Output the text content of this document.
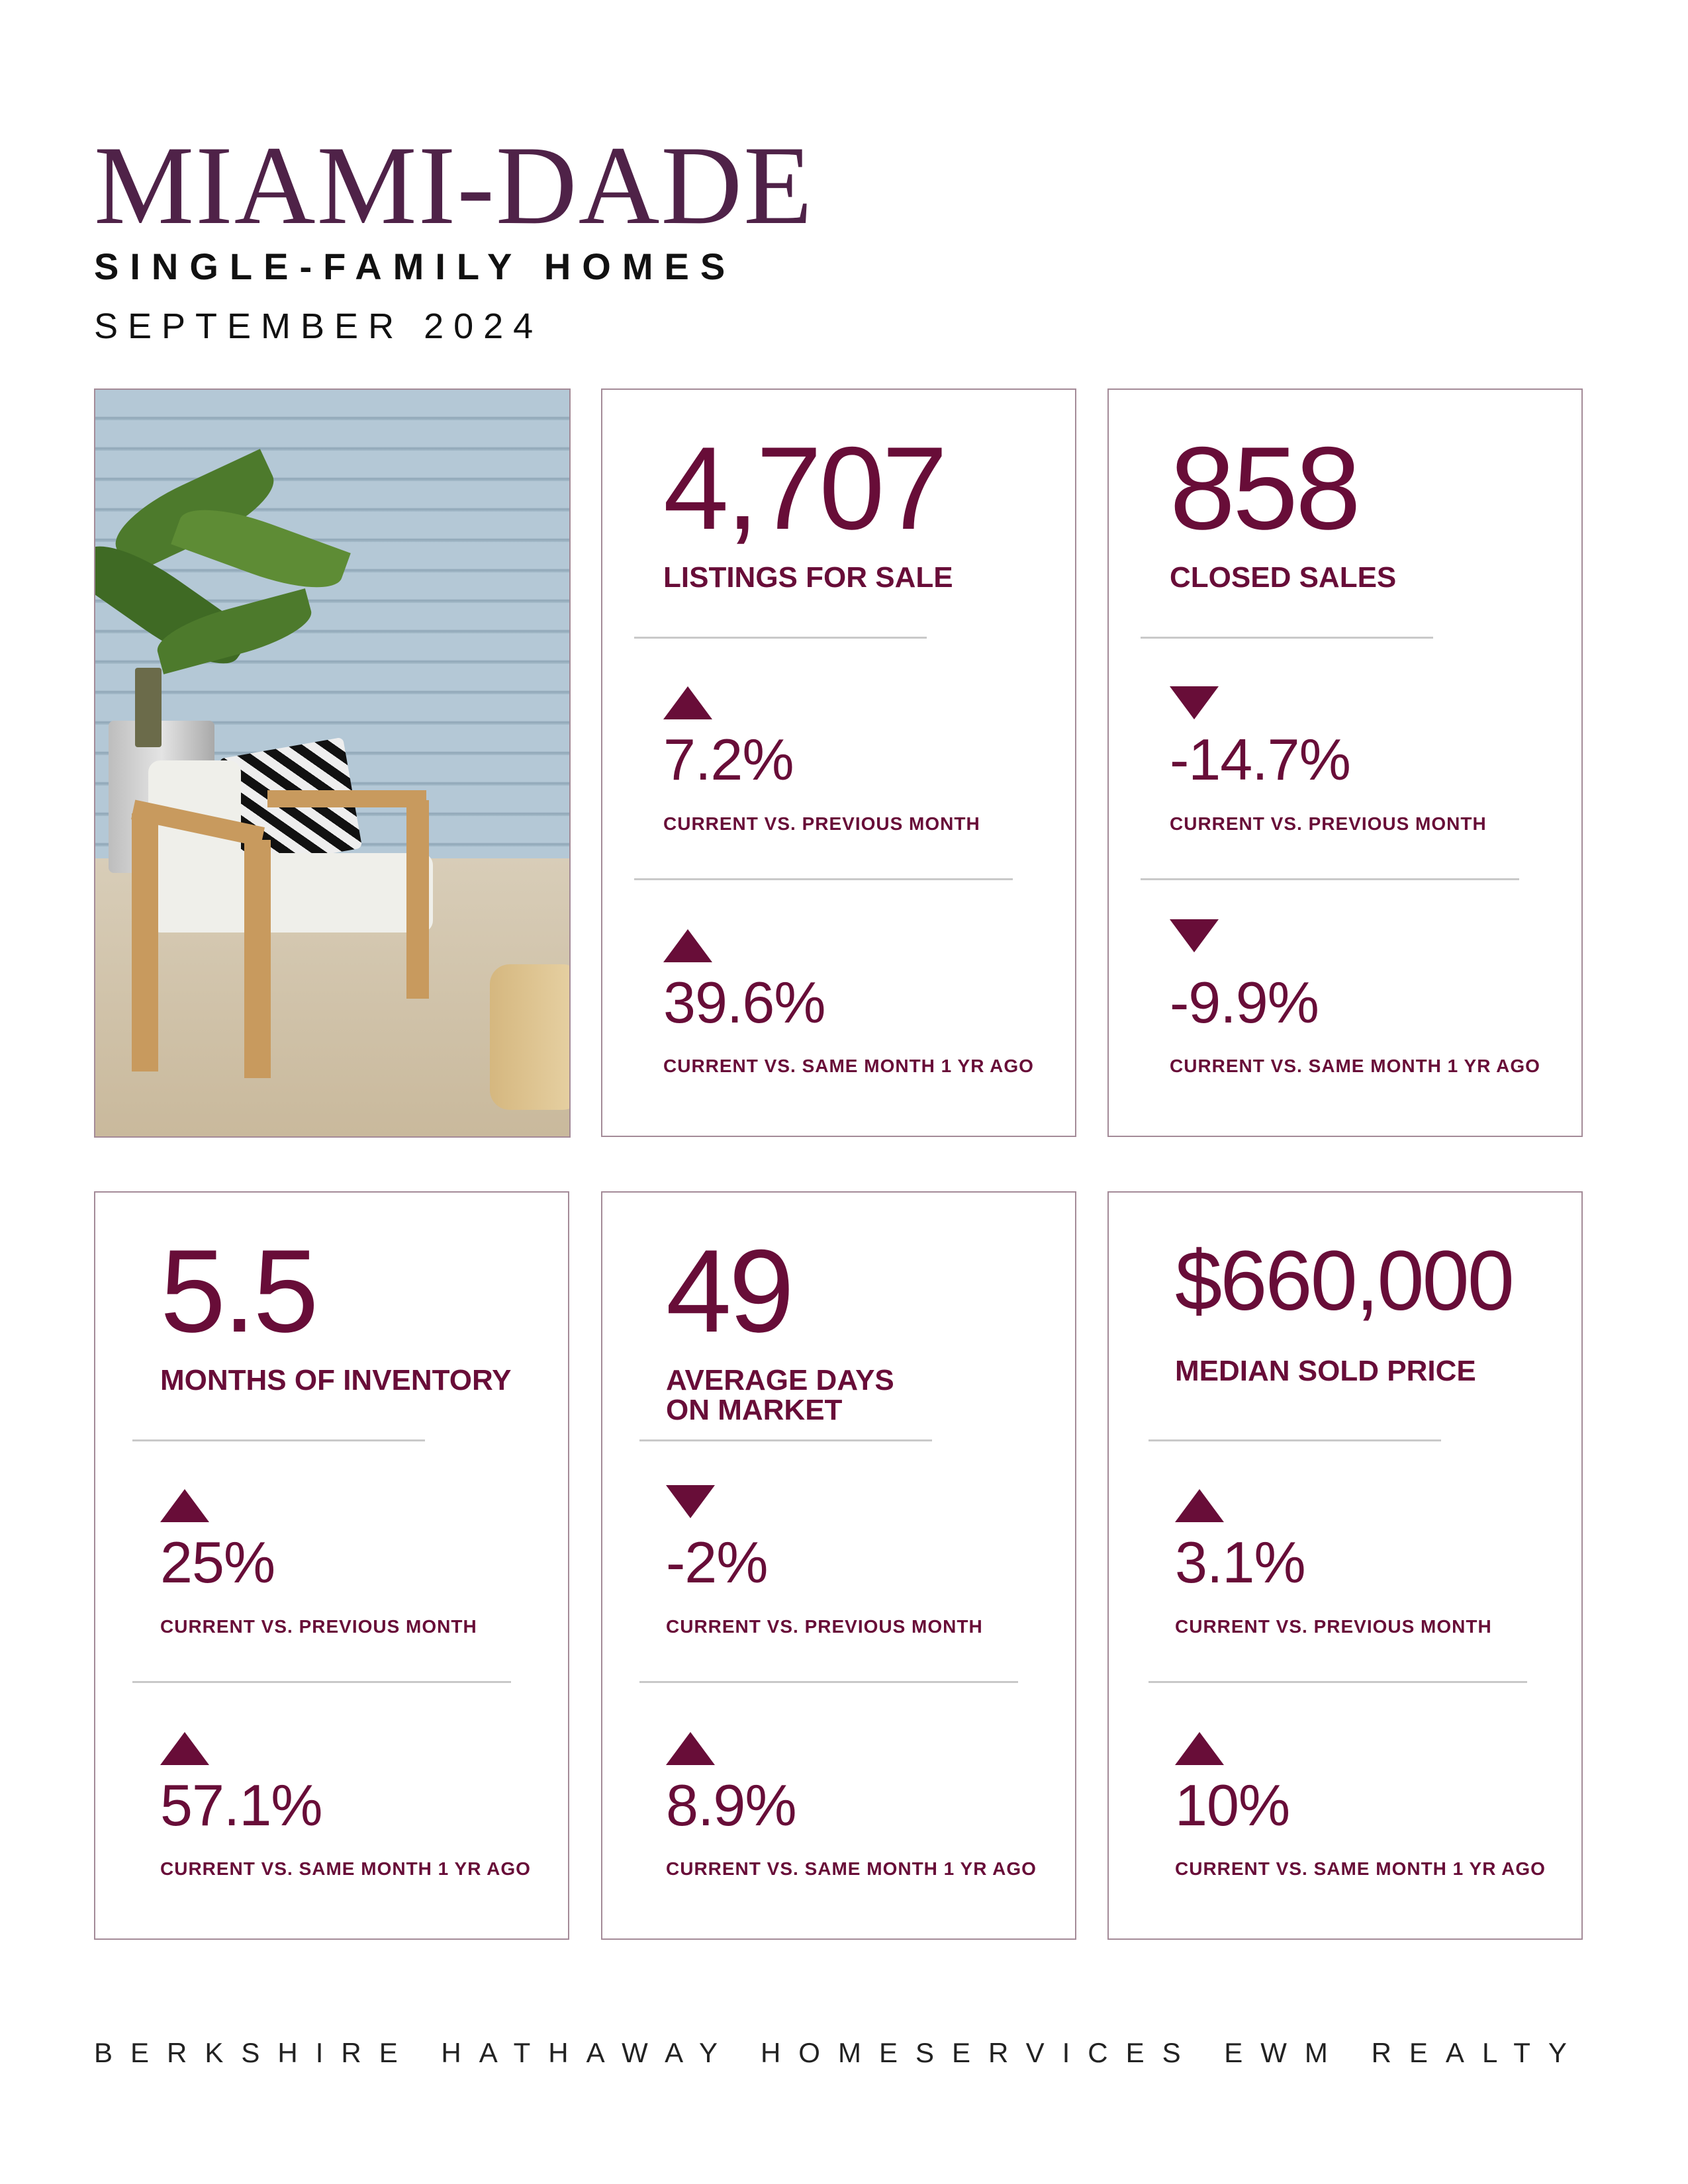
MIAMI-DADE
SINGLE-FAMILY HOMES
SEPTEMBER 2024
4,707
LISTINGS FOR SALE
7.2%
CURRENT VS. PREVIOUS MONTH
39.6%
CURRENT VS. SAME MONTH 1 YR AGO
858
CLOSED SALES
-14.7%
CURRENT VS. PREVIOUS MONTH
-9.9%
CURRENT VS. SAME MONTH 1 YR AGO
5.5
MONTHS OF INVENTORY
25%
CURRENT VS. PREVIOUS MONTH
57.1%
CURRENT VS. SAME MONTH 1 YR AGO
49
AVERAGE DAYS
ON MARKET
-2%
CURRENT VS. PREVIOUS MONTH
8.9%
CURRENT VS. SAME MONTH 1 YR AGO
$660,000
MEDIAN SOLD PRICE
3.1%
CURRENT VS. PREVIOUS MONTH
10%
CURRENT VS. SAME MONTH 1 YR AGO
BERKSHIRE HATHAWAY HOMESERVICES EWM REALTY
